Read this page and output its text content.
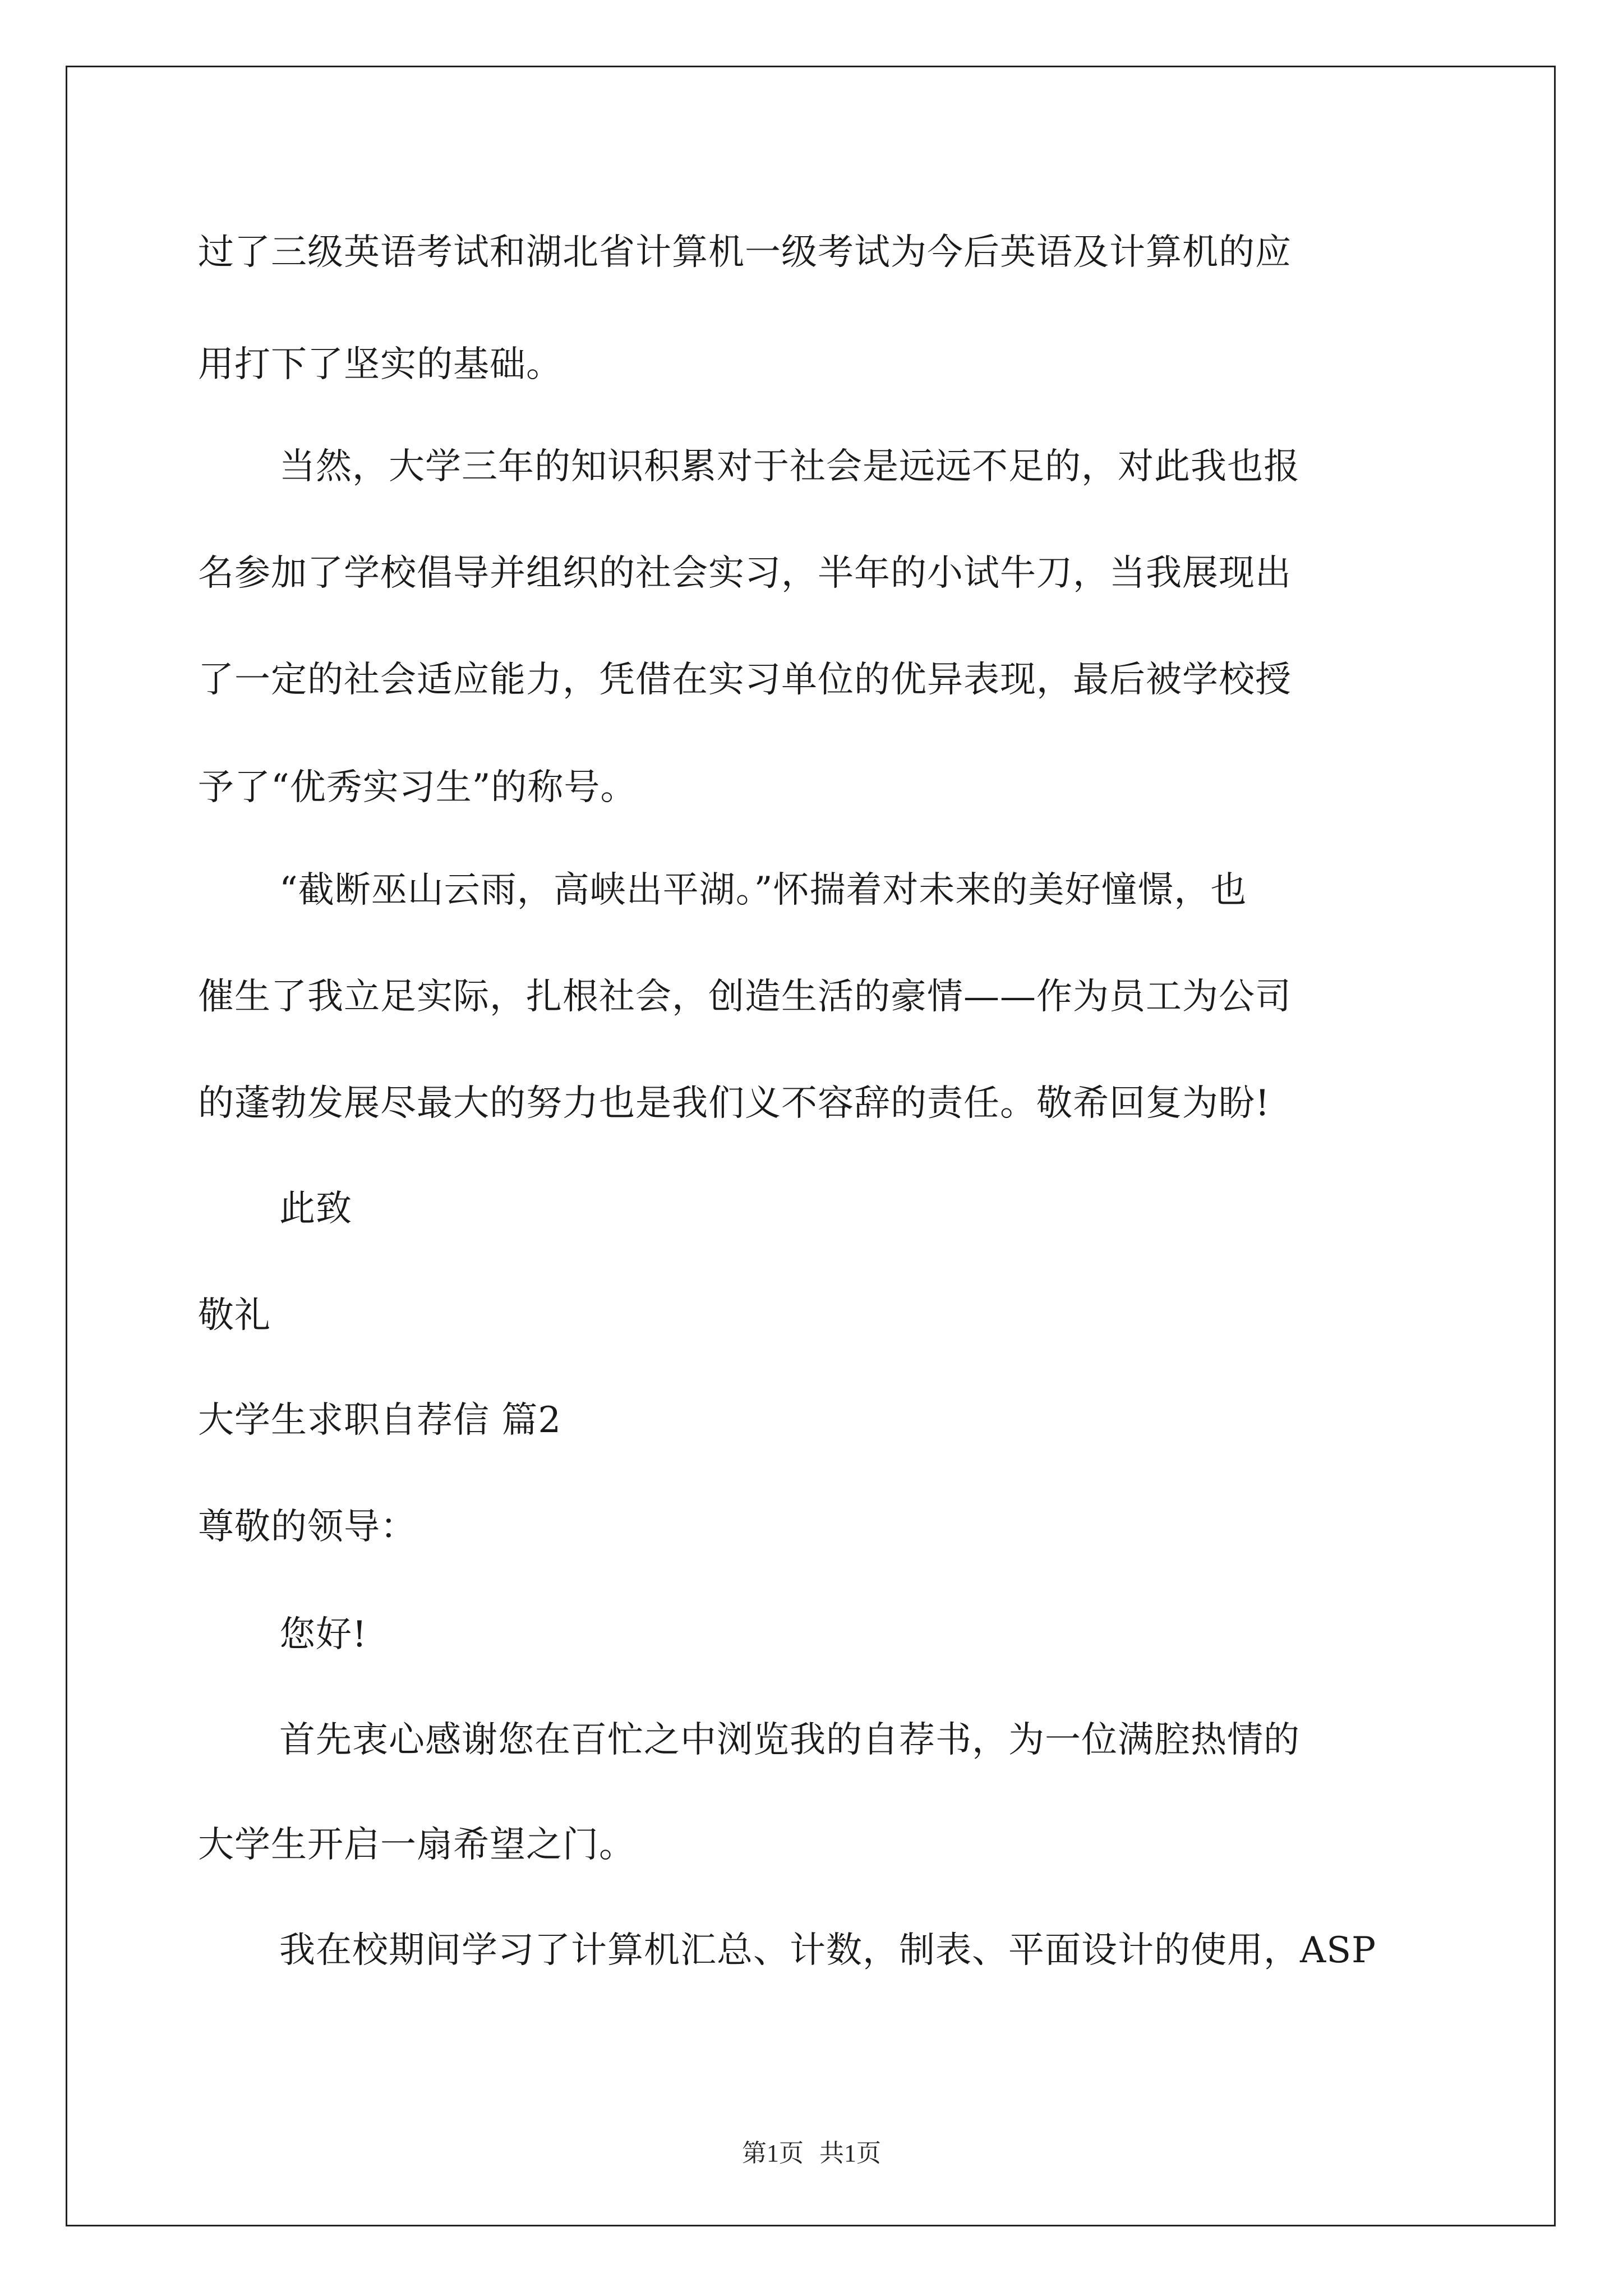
过了三级英语考试和湖北省计算机一级考试为今后英语及计算机的应
用打下了坚实的基础。
当然，大学三年的知识积累对于社会是远远不足的，对此我也报
名参加了学校倡导并组织的社会实习，半年的小试牛刀，当我展现出
了一定的社会适应能力，凭借在实习单位的优异表现，最后被学校授
予了“优秀实习生”的称号。
“截断巫山云雨，高峡出平湖。”怀揣着对未来的美好憧憬，也
催生了我立足实际，扎根社会，创造生活的豪情——作为员工为公司
的蓬勃发展尽最大的努力也是我们义不容辞的责任。敬希回复为盼!
此致
敬礼
大学生求职自荐信 篇2
尊敬的领导：
您好!
首先衷心感谢您在百忙之中浏览我的自荐书，为一位满腔热情的
大学生开启一扇希望之门。
我在校期间学习了计算机汇总、计数，制表、平面设计的使用，ASP
第1页 共1页
